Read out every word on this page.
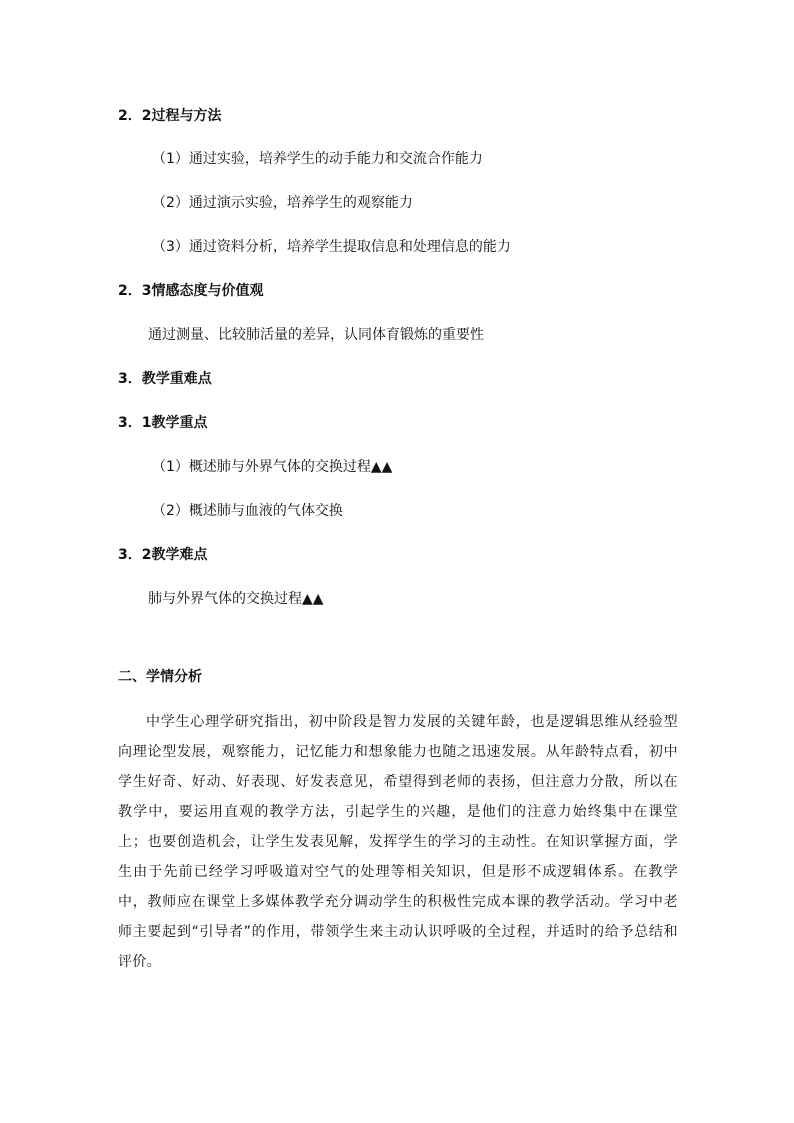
2．2过程与方法
（1）通过实验，培养学生的动手能力和交流合作能力
（2）通过演示实验，培养学生的观察能力
（3）通过资料分析，培养学生提取信息和处理信息的能力
2．3情感态度与价值观
通过测量、比较肺活量的差异，认同体育锻炼的重要性
3．教学重难点
3．1教学重点
（1）概述肺与外界气体的交换过程▲▲
（2）概述肺与血液的气体交换
3．2教学难点
肺与外界气体的交换过程▲▲
二、学情分析
中学生心理学研究指出，初中阶段是智力发展的关键年龄，也是逻辑思维从经验型向理论型发展，观察能力，记忆能力和想象能力也随之迅速发展。从年龄特点看，初中学生好奇、好动、好表现、好发表意见，希望得到老师的表扬，但注意力分散，所以在教学中，要运用直观的教学方法，引起学生的兴趣，是他们的注意力始终集中在课堂上；也要创造机会，让学生发表见解，发挥学生的学习的主动性。在知识掌握方面，学生由于先前已经学习呼吸道对空气的处理等相关知识，但是形不成逻辑体系。在教学中，教师应在课堂上多媒体教学充分调动学生的积极性完成本课的教学活动。学习中老师主要起到“引导者”的作用，带领学生来主动认识呼吸的全过程，并适时的给予总结和评价。
